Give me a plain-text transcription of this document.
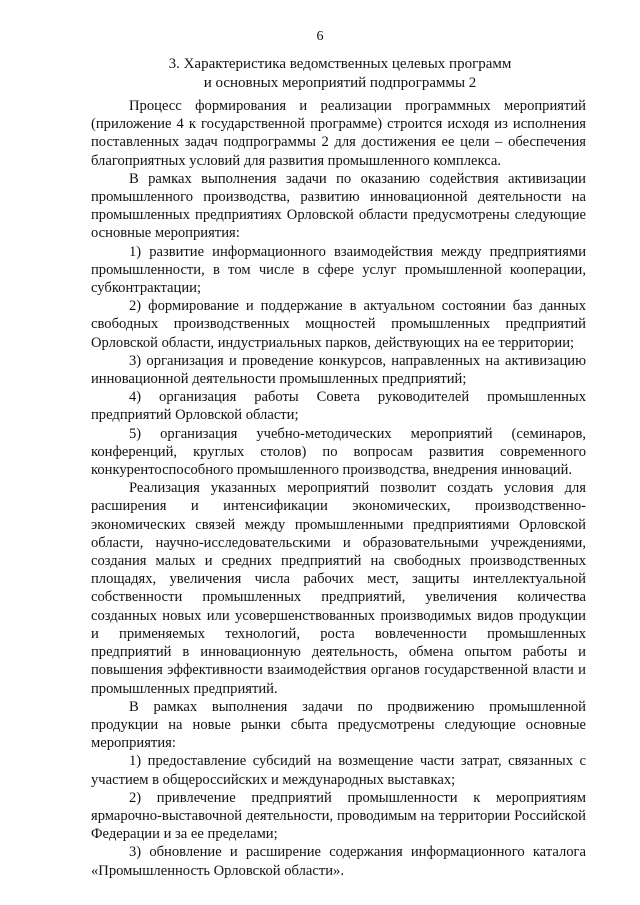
6
3. Характеристика ведомственных целевых программ
и основных мероприятий подпрограммы 2

Процесс формирования и реализации программных мероприятий (приложение 4 к государственной программе) строится исходя из исполнения поставленных задач подпрограммы 2 для достижения ее цели – обеспечения благоприятных условий для развития промышленного комплекса.

В рамках выполнения задачи по оказанию содействия активизации промышленного производства, развитию инновационной деятельности на промышленных предприятиях Орловской области предусмотрены следующие основные мероприятия:

1) развитие информационного взаимодействия между предприятиями промышленности, в том числе в сфере услуг промышленной кооперации, субконтрактации;

2) формирование и поддержание в актуальном состоянии баз данных свободных производственных мощностей промышленных предприятий Орловской области, индустриальных парков, действующих на ее территории;

3) организация и проведение конкурсов, направленных на активизацию инновационной деятельности промышленных предприятий;

4) организация работы Совета руководителей промышленных предприятий Орловской области;

5) организация учебно-методических мероприятий (семинаров, конференций, круглых столов) по вопросам развития современного конкурентоспособного промышленного производства, внедрения инноваций.

Реализация указанных мероприятий позволит создать условия для расширения и интенсификации экономических, производственно-экономических связей между промышленными предприятиями Орловской области, научно-исследовательскими и образовательными учреждениями, создания малых и средних предприятий на свободных производственных площадях, увеличения числа рабочих мест, защиты интеллектуальной собственности промышленных предприятий, увеличения количества созданных новых или усовершенствованных производимых видов продукции и применяемых технологий, роста вовлеченности промышленных предприятий в инновационную деятельность, обмена опытом работы и повышения эффективности взаимодействия органов государственной власти и промышленных предприятий.

В рамках выполнения задачи по продвижению промышленной продукции на новые рынки сбыта предусмотрены следующие основные мероприятия:

1) предоставление субсидий на возмещение части затрат, связанных с участием в общероссийских и международных выставках;

2) привлечение предприятий промышленности к мероприятиям ярмарочно-выставочной деятельности, проводимым на территории Российской Федерации и за ее пределами;

3) обновление и расширение содержания информационного каталога «Промышленность Орловской области».
